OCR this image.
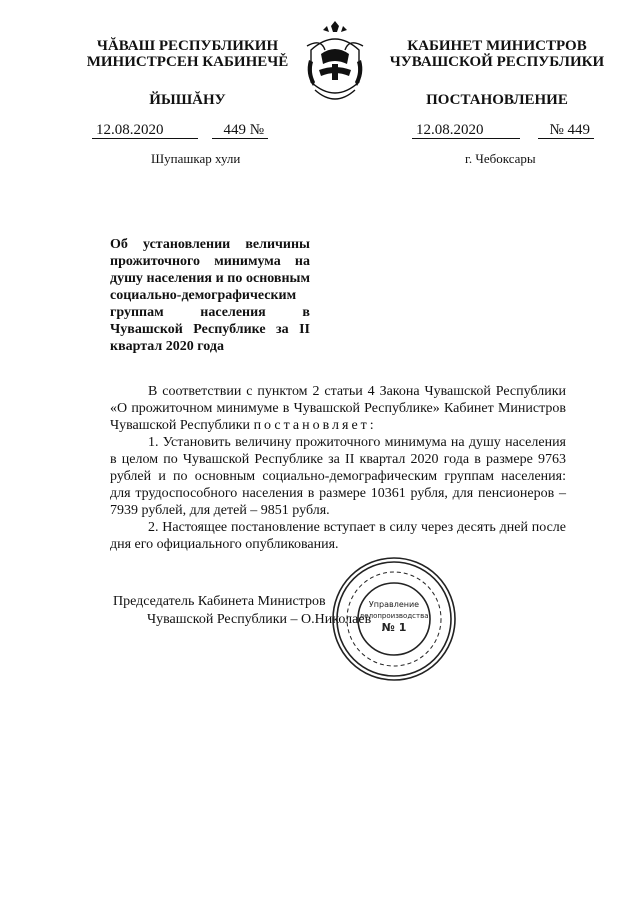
ЧĂВАШ РЕСПУБЛИКИН
МИНИСТРСЕН КАБИНЕЧĚ
ЙЫШĂНУ
КАБИНЕТ МИНИСТРОВ
ЧУВАШСКОЙ РЕСПУБЛИКИ
ПОСТАНОВЛЕНИЕ
12.08.2020	449 №	12.08.2020	№ 449
Шупашкар хули	г. Чебоксары
Об установлении величины прожиточного минимума на душу населения и по основным социально-демографическим группам населения в Чувашской Республике за II квартал 2020 года
В соответствии с пунктом 2 статьи 4 Закона Чувашской Республики «О прожиточном минимуме в Чувашской Республике» Кабинет Министров Чувашской Республики постановляет:
1. Установить величину прожиточного минимума на душу населения в целом по Чувашской Республике за II квартал 2020 года в размере 9763 рублей и по основным социально-демографическим группам населения: для трудоспособного населения в размере 10361 рубля, для пенсионеров – 7939 рублей, для детей – 9851 рубля.
2. Настоящее постановление вступает в силу через десять дней после дня его официального опубликования.
Председатель Кабинета Министров
Чувашской Республики – О.Николаев
Управление
делопроизводства
№ 1
